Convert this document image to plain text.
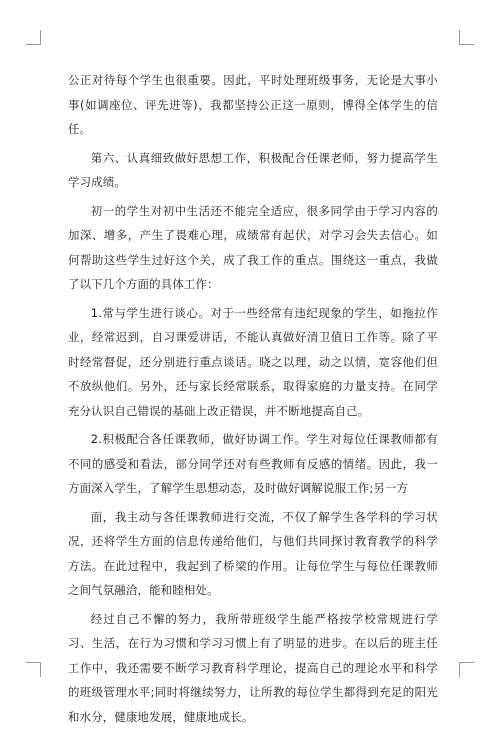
公正对待每个学生也很重要。因此，平时处理班级事务，无论是大事小事(如调座位、评先进等)，我都坚持公正这一原则，博得全体学生的信任。

第六、认真细致做好思想工作，积极配合任课老师，努力提高学生学习成绩。

初一的学生对初中生活还不能完全适应，很多同学由于学习内容的加深、增多，产生了畏难心理，成绩常有起伏，对学习会失去信心。如何帮助这些学生过好这个关，成了我工作的重点。围绕这一重点，我做了以下几个方面的具体工作：

1.常与学生进行谈心。对于一些经常有违纪现象的学生，如拖拉作业，经常迟到，自习课爱讲话，不能认真做好清卫值日工作等。除了平时经常督促，还分别进行重点谈话。晓之以理，动之以情，宽容他们但不放纵他们。另外，还与家长经常联系，取得家庭的力量支持。在同学充分认识自己错误的基础上改正错误，并不断地提高自己。

2.积极配合各任课教师，做好协调工作。学生对每位任课教师都有不同的感受和看法，部分同学还对有些教师有反感的情绪。因此，我一方面深入学生，了解学生思想动态，及时做好调解说服工作;另一方

面，我主动与各任课教师进行交流，不仅了解学生各学科的学习状况，还将学生方面的信息传递给他们，与他们共同探讨教育教学的科学方法。在此过程中，我起到了桥梁的作用。让每位学生与每位任课教师之间气氛融洽，能和睦相处。

经过自己不懈的努力，我所带班级学生能严格按学校常规进行学习、生活，在行为习惯和学习习惯上有了明显的进步。在以后的班主任工作中，我还需要不断学习教育科学理论，提高自己的理论水平和科学的班级管理水平;同时将继续努力，让所教的每位学生都得到充足的阳光和水分，健康地发展，健康地成长。
